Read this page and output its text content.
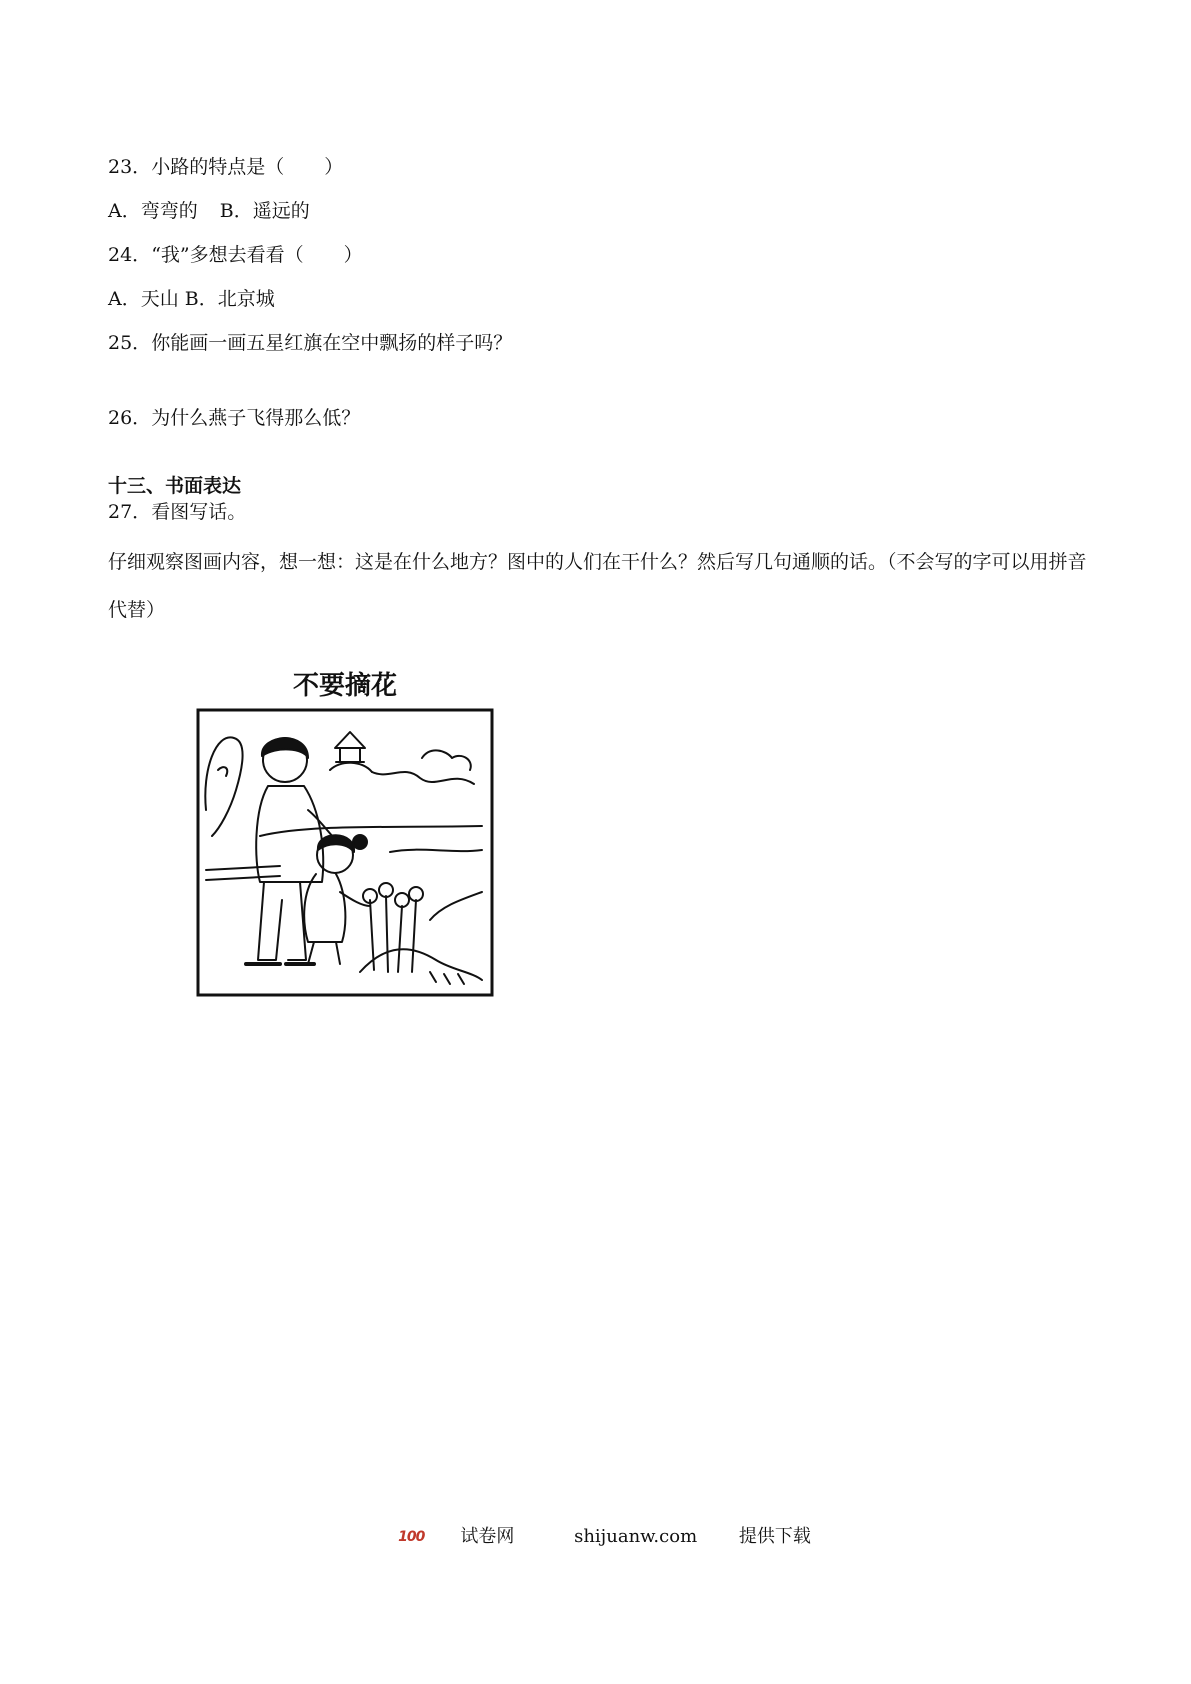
23．小路的特点是（ ）
A．弯弯的 B．遥远的
24．“我”多想去看看（ ）
A．天山 B．北京城
25．你能画一画五星红旗在空中飘扬的样子吗？
26．为什么燕子飞得那么低？
十三、书面表达
27．看图写话。
仔细观察图画内容，想一想：这是在什么地方？图中的人们在干什么？然后写几句通顺的话。（不会写的字可以用拼音代替）
不要摘花
100 试卷网	shijuanw.com 提供下载
